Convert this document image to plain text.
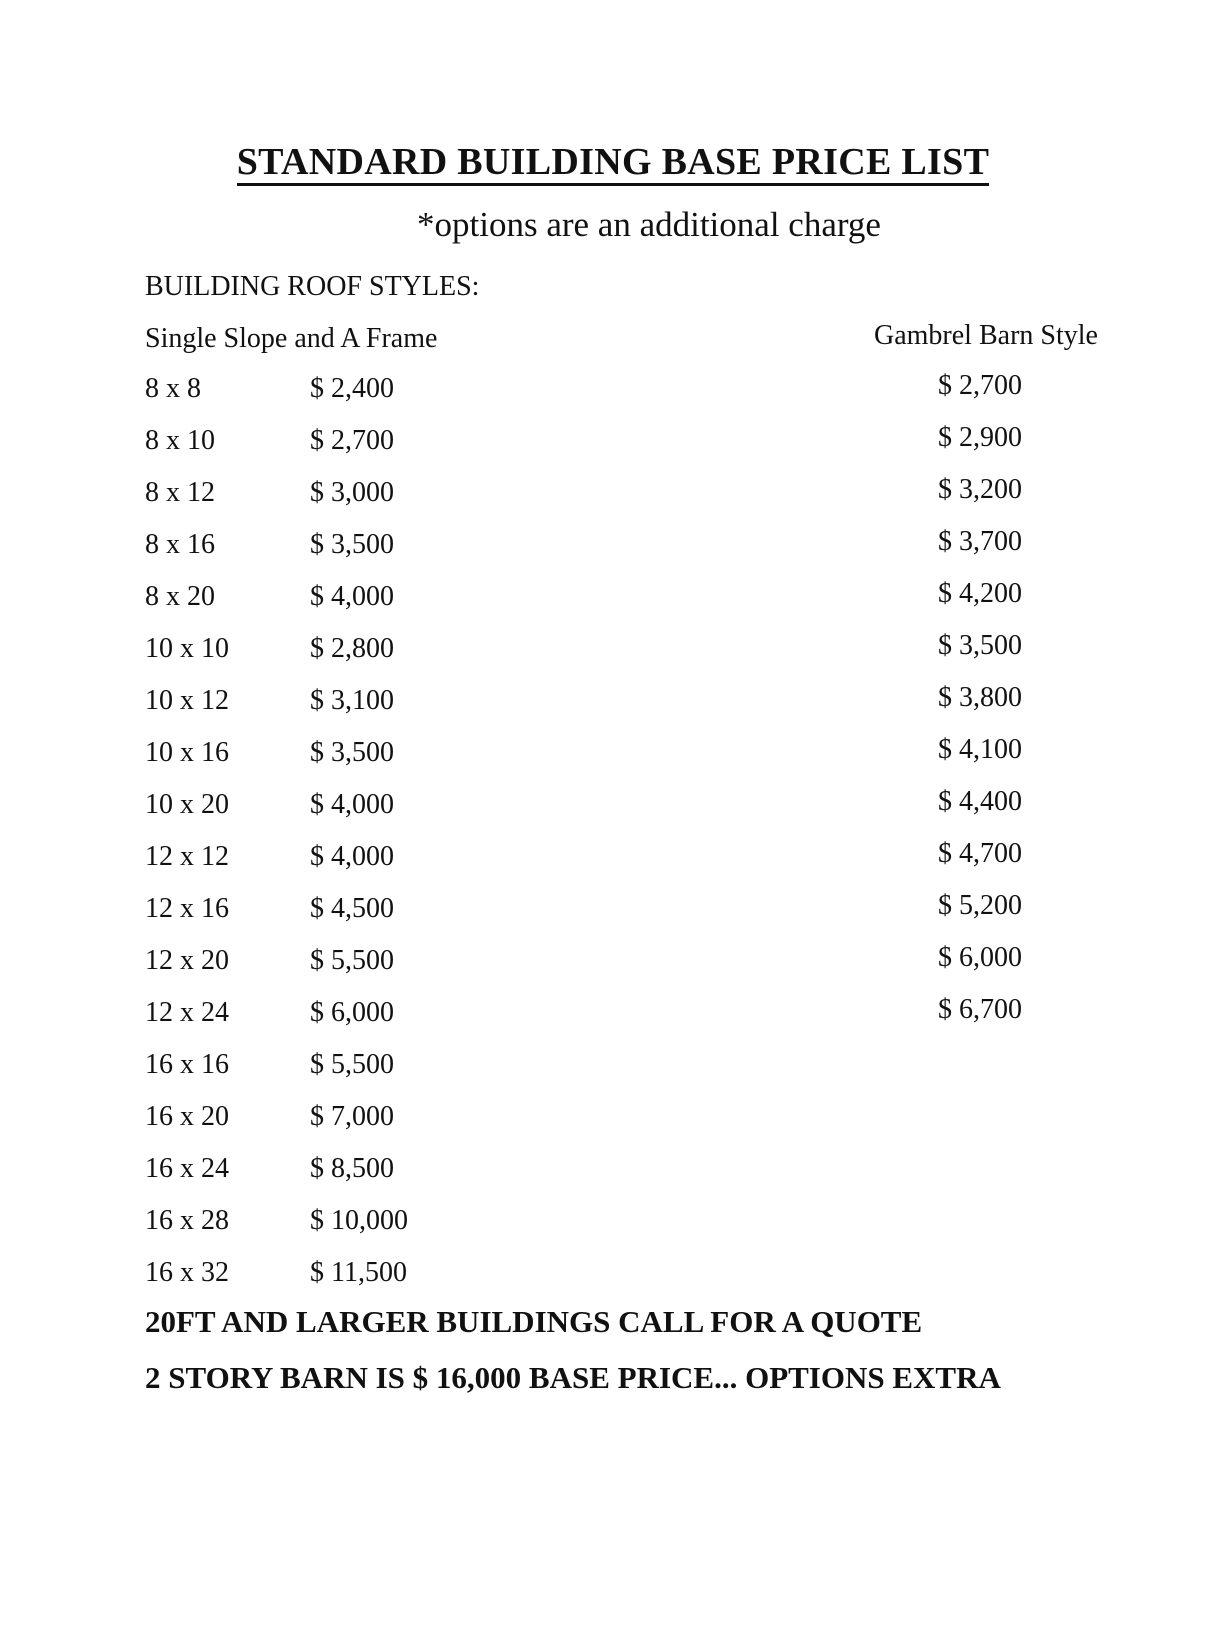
STANDARD BUILDING BASE PRICE LIST
*options are an additional charge
BUILDING ROOF STYLES:
Single Slope and A Frame	Gambrel Barn Style
8 x 8	$ 2,400	$ 2,700
8 x 10	$ 2,700	$ 2,900
8 x 12	$ 3,000	$ 3,200
8 x 16	$ 3,500	$ 3,700
8 x 20	$ 4,000	$ 4,200
10 x 10	$ 2,800	$ 3,500
10 x 12	$ 3,100	$ 3,800
10 x 16	$ 3,500	$ 4,100
10 x 20	$ 4,000	$ 4,400
12 x 12	$ 4,000	$ 4,700
12 x 16	$ 4,500	$ 5,200
12 x 20	$ 5,500	$ 6,000
12 x 24	$ 6,000	$ 6,700
16 x 16	$ 5,500
16 x 20	$ 7,000
16 x 24	$ 8,500
16 x 28	$ 10,000
16 x 32	$ 11,500
20FT AND LARGER BUILDINGS CALL FOR A QUOTE
2 STORY BARN IS $ 16,000 BASE PRICE... OPTIONS EXTRA
